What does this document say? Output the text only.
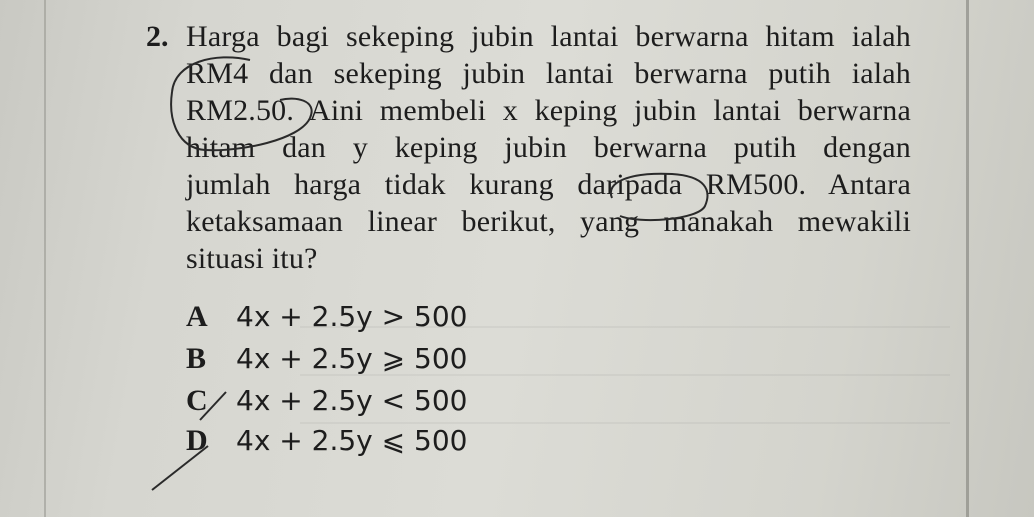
2. Harga bagi sekeping jubin lantai berwarna hitam ialah
RM4 dan sekeping jubin lantai berwarna putih ialah
RM2.50. Aini membeli x keping jubin lantai berwarna
hitam dan y keping jubin berwarna putih dengan
jumlah harga tidak kurang daripada RM500. Antara
ketaksamaan linear berikut, yang manakah mewakili
situasi itu?
A 4x + 2.5y > 500
B 4x + 2.5y ⩾ 500
C 4x + 2.5y < 500
D 4x + 2.5y ⩽ 500
